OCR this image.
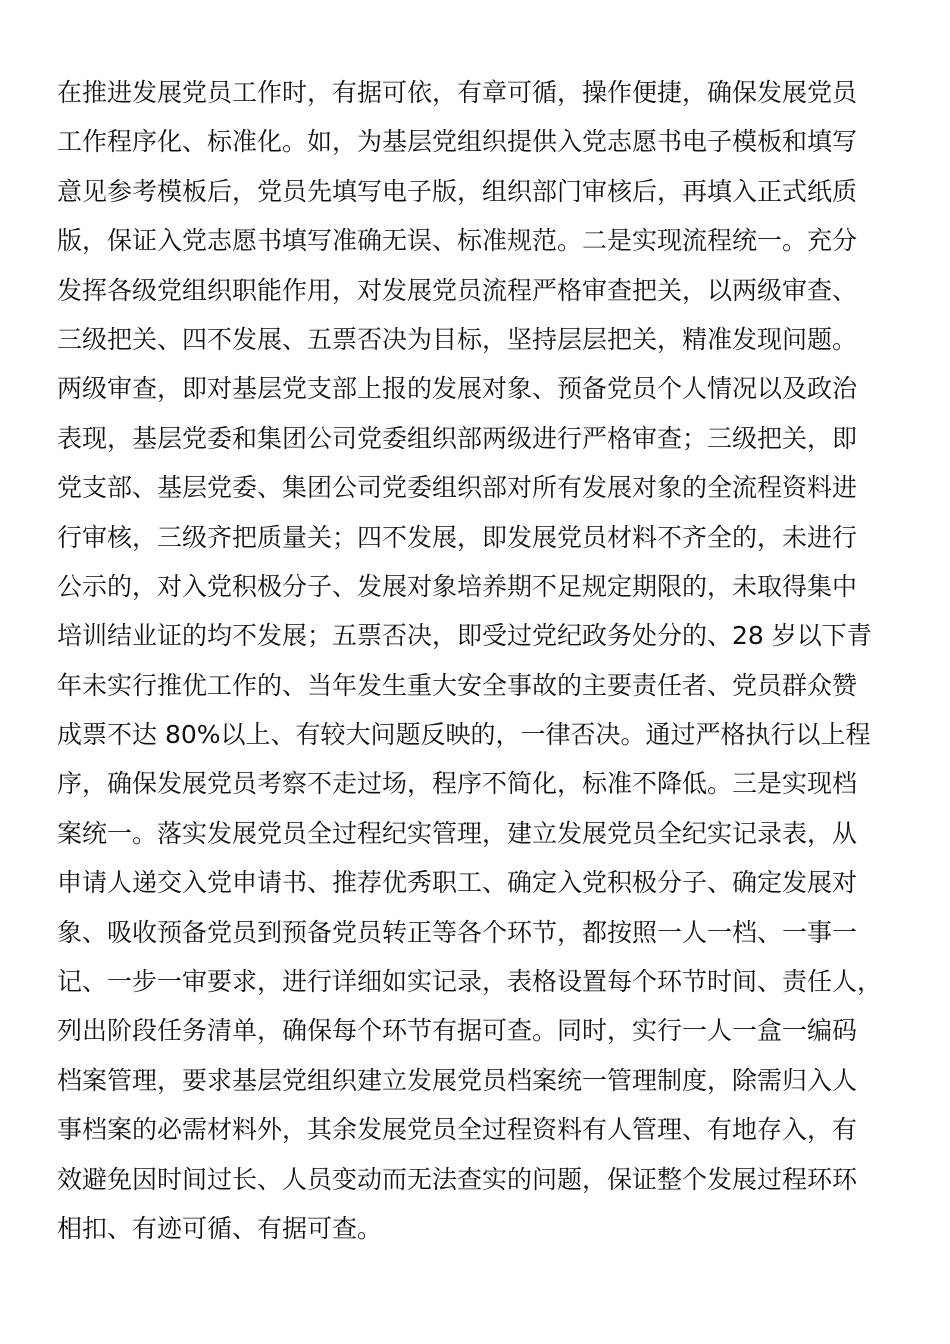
在推进发展党员工作时，有据可依，有章可循，操作便捷，确保发展党员
工作程序化、标准化。如，为基层党组织提供入党志愿书电子模板和填写
意见参考模板后，党员先填写电子版，组织部门审核后，再填入正式纸质
版，保证入党志愿书填写准确无误、标准规范。二是实现流程统一。充分
发挥各级党组织职能作用，对发展党员流程严格审查把关，以两级审查、
三级把关、四不发展、五票否决为目标，坚持层层把关，精准发现问题。
两级审查，即对基层党支部上报的发展对象、预备党员个人情况以及政治
表现，基层党委和集团公司党委组织部两级进行严格审查；三级把关，即
党支部、基层党委、集团公司党委组织部对所有发展对象的全流程资料进
行审核，三级齐把质量关；四不发展，即发展党员材料不齐全的，未进行
公示的，对入党积极分子、发展对象培养期不足规定期限的，未取得集中
培训结业证的均不发展；五票否决，即受过党纪政务处分的、28 岁以下青
年未实行推优工作的、当年发生重大安全事故的主要责任者、党员群众赞
成票不达 80%以上、有较大问题反映的，一律否决。通过严格执行以上程
序，确保发展党员考察不走过场，程序不简化，标准不降低。三是实现档
案统一。落实发展党员全过程纪实管理，建立发展党员全纪实记录表，从
申请人递交入党申请书、推荐优秀职工、确定入党积极分子、确定发展对
象、吸收预备党员到预备党员转正等各个环节，都按照一人一档、一事一
记、一步一审要求，进行详细如实记录，表格设置每个环节时间、责任人，
列出阶段任务清单，确保每个环节有据可查。同时，实行一人一盒一编码
档案管理，要求基层党组织建立发展党员档案统一管理制度，除需归入人
事档案的必需材料外，其余发展党员全过程资料有人管理、有地存入，有
效避免因时间过长、人员变动而无法查实的问题，保证整个发展过程环环
相扣、有迹可循、有据可查。
